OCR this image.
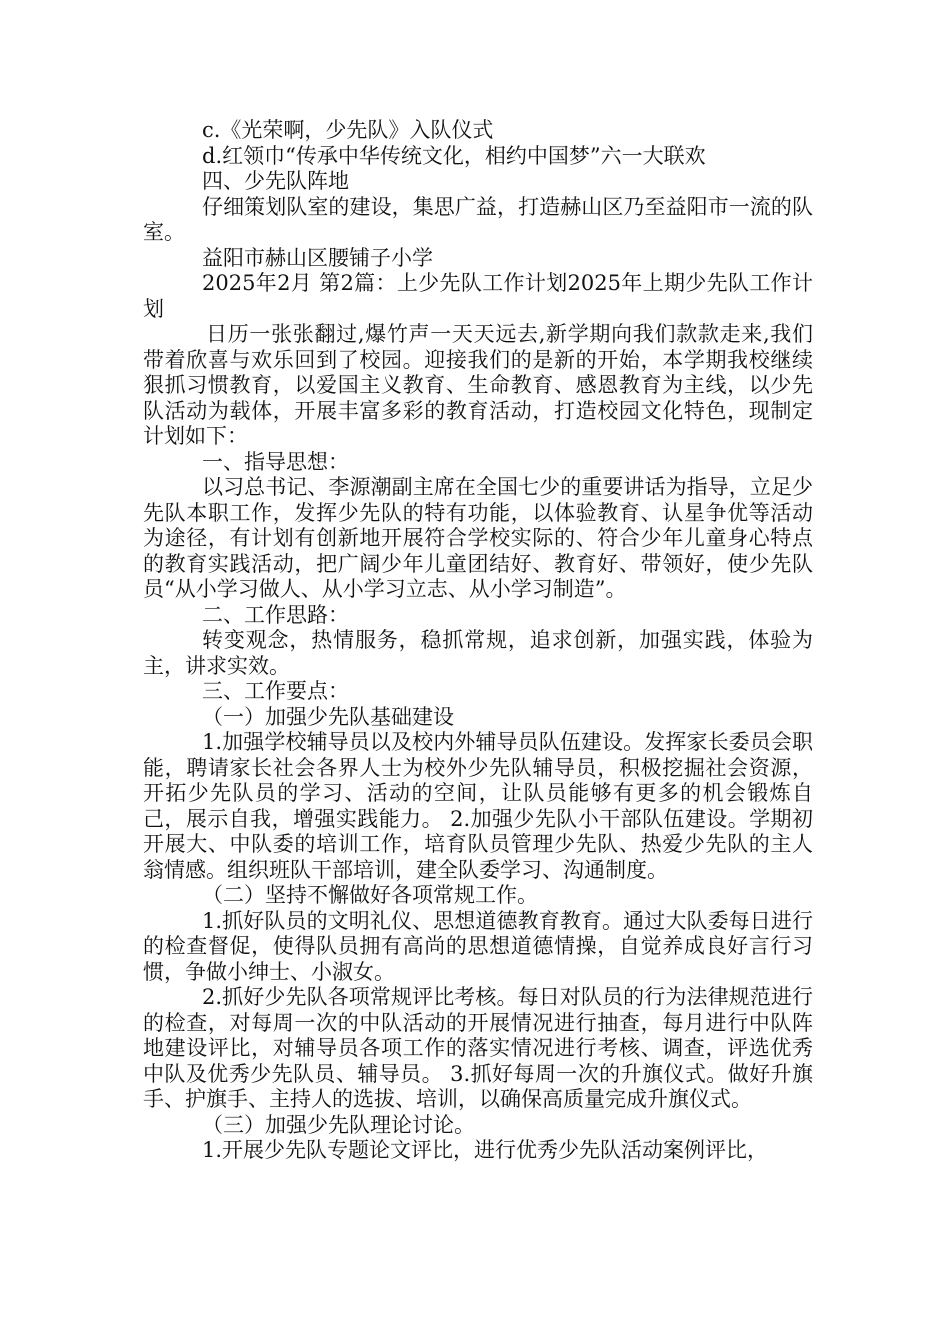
c.《光荣啊，少先队》入队仪式

d.红领巾“传承中华传统文化，相约中国梦”六一大联欢

四、少先队阵地

仔细策划队室的建设，集思广益，打造赫山区乃至益阳市一流的队室。

益阳市赫山区腰铺子小学

2025年2月 第2篇：上少先队工作计划2025年上期少先队工作计划

日历一张张翻过,爆竹声一天天远去,新学期向我们款款走来,我们带着欣喜与欢乐回到了校园。迎接我们的是新的开始，本学期我校继续狠抓习惯教育，以爱国主义教育、生命教育、感恩教育为主线，以少先队活动为载体，开展丰富多彩的教育活动，打造校园文化特色，现制定计划如下：

一、指导思想：

以习总书记、李源潮副主席在全国七少的重要讲话为指导，立足少先队本职工作，发挥少先队的特有功能，以体验教育、认星争优等活动为途径，有计划有创新地开展符合学校实际的、符合少年儿童身心特点的教育实践活动，把广阔少年儿童团结好、教育好、带领好，使少先队员“从小学习做人、从小学习立志、从小学习制造”。

二、工作思路：

转变观念，热情服务，稳抓常规，追求创新，加强实践，体验为主，讲求实效。

三、工作要点：

（一）加强少先队基础建设

1.加强学校辅导员以及校内外辅导员队伍建设。发挥家长委员会职能，聘请家长社会各界人士为校外少先队辅导员，积极挖掘社会资源，开拓少先队员的学习、活动的空间，让队员能够有更多的机会锻炼自己，展示自我，增强实践能力。 2.加强少先队小干部队伍建设。学期初开展大、中队委的培训工作，培育队员管理少先队、热爱少先队的主人翁情感。组织班队干部培训，建全队委学习、沟通制度。

（二）坚持不懈做好各项常规工作。

1.抓好队员的文明礼仪、思想道德教育教育。通过大队委每日进行的检查督促，使得队员拥有高尚的思想道德情操，自觉养成良好言行习惯，争做小绅士、小淑女。

2.抓好少先队各项常规评比考核。每日对队员的行为法律规范进行的检查，对每周一次的中队活动的开展情况进行抽查，每月进行中队阵地建设评比，对辅导员各项工作的落实情况进行考核、调查，评选优秀中队及优秀少先队员、辅导员。 3.抓好每周一次的升旗仪式。做好升旗手、护旗手、主持人的选拔、培训，以确保高质量完成升旗仪式。

（三）加强少先队理论讨论。

1.开展少先队专题论文评比，进行优秀少先队活动案例评比，
